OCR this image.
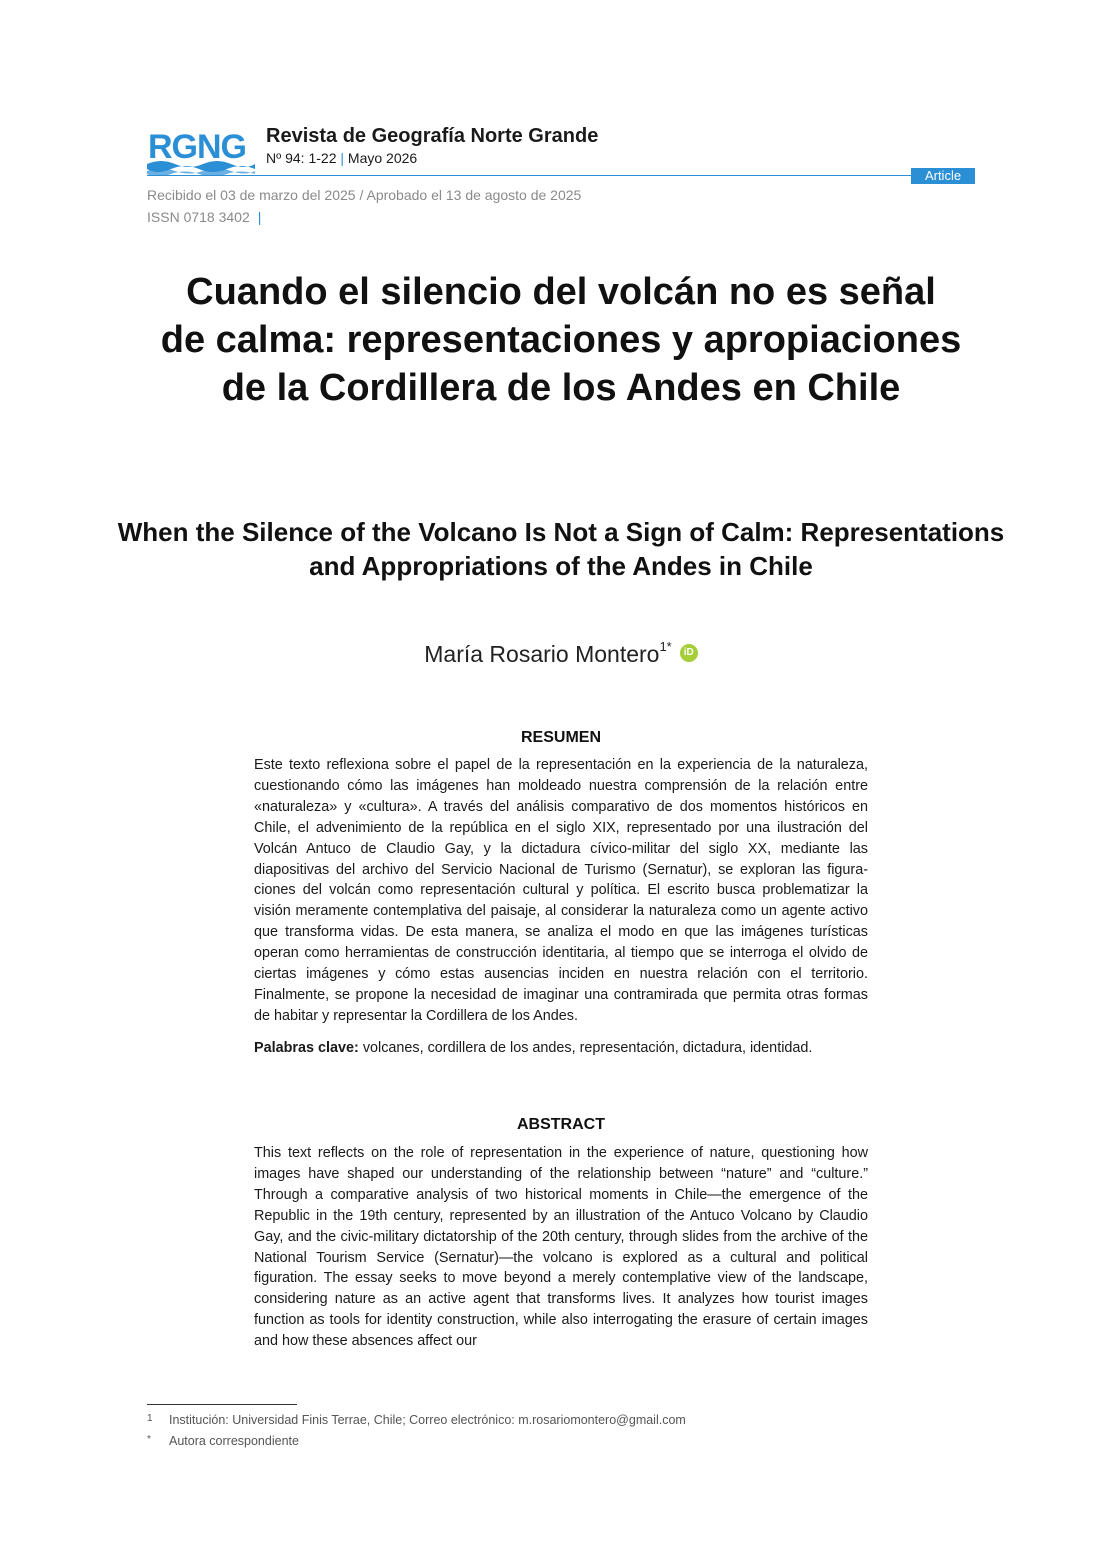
RGNG Revista de Geografía Norte Grande
Nº 94: 1-22 | Mayo 2026
Article
Recibido el 03 de marzo del 2025 / Aprobado el 13 de agosto de 2025
ISSN 0718 3402 |
Cuando el silencio del volcán no es señal de calma: representaciones y apropiaciones de la Cordillera de los Andes en Chile
When the Silence of the Volcano Is Not a Sign of Calm: Representations and Appropriations of the Andes in Chile
María Rosario Montero$^{1*}$ iD
RESUMEN
Este texto reflexiona sobre el papel de la representación en la experiencia de la naturaleza, cuestionando cómo las imágenes han moldeado nuestra comprensión de la relación entre «naturaleza» y «cultura». A través del análisis comparativo de dos momentos históricos en Chile, el advenimiento de la república en el siglo XIX, representado por una ilustración del Volcán Antuco de Claudio Gay, y la dictadura cívico-militar del siglo XX, mediante las diapositivas del archivo del Servicio Nacional de Turismo (Sernatur), se exploran las figuraciones del volcán como representación cultural y política. El escrito busca problematizar la visión meramente contemplativa del paisaje, al considerar la naturaleza como un agente activo que transforma vidas. De esta manera, se analiza el modo en que las imágenes turísticas operan como herramientas de construcción identitaria, al tiempo que se interroga el olvido de ciertas imágenes y cómo estas ausencias inciden en nuestra relación con el territorio. Finalmente, se propone la necesidad de imaginar una contramirada que permita otras formas de habitar y representar la Cordillera de los Andes.
Palabras clave: volcanes, cordillera de los andes, representación, dictadura, identidad.
ABSTRACT
This text reflects on the role of representation in the experience of nature, questioning how images have shaped our understanding of the relationship between “nature” and “culture.” Through a comparative analysis of two historical moments in Chile—the emergence of the Republic in the 19th century, represented by an illustration of the Antuco Volcano by Claudio Gay, and the civic-military dictatorship of the 20th century, through slides from the archive of the National Tourism Service (Sernatur)—the volcano is explored as a cultural and political figuration. The essay seeks to move beyond a merely contemplative view of the landscape, considering nature as an active agent that transforms lives. It analyzes how tourist images function as tools for identity construction, while also interrogating the erasure of certain images and how these absences affect our
1 Institución: Universidad Finis Terrae, Chile; Correo electrónico: m.rosariomontero@gmail.com
* Autora correspondiente
